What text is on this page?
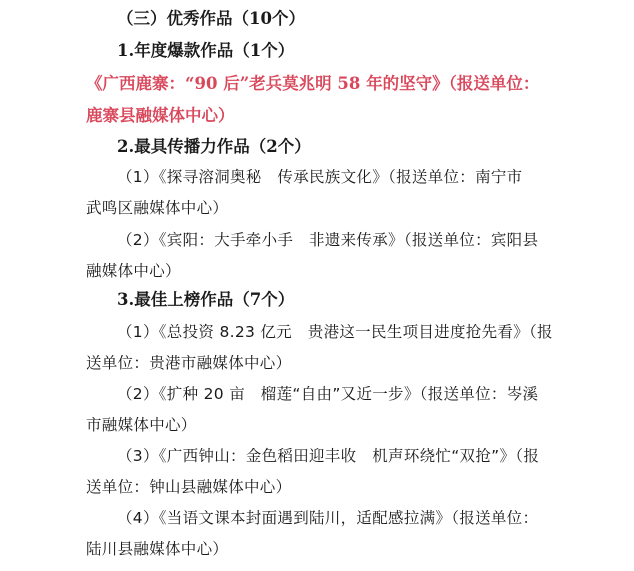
（三）优秀作品（10个）
1.年度爆款作品（1个）
《广西鹿寨：“90 后”老兵莫兆明 58 年的坚守》（报送单位：
鹿寨县融媒体中心）
2.最具传播力作品（2个）
（1）《探寻溶洞奥秘　传承民族文化》（报送单位：南宁市
武鸣区融媒体中心）
（2）《宾阳：大手牵小手　非遗来传承》（报送单位：宾阳县
融媒体中心）
3.最佳上榜作品（7个）
（1）《总投资 8.23 亿元　贵港这一民生项目进度抢先看》（报
送单位：贵港市融媒体中心）
（2）《扩种 20 亩　榴莲“自由”又近一步》（报送单位：岑溪
市融媒体中心）
（3）《广西钟山：金色稻田迎丰收　机声环绕忙“双抢”》（报
送单位：钟山县融媒体中心）
（4）《当语文课本封面遇到陆川，适配感拉满》（报送单位：
陆川县融媒体中心）
